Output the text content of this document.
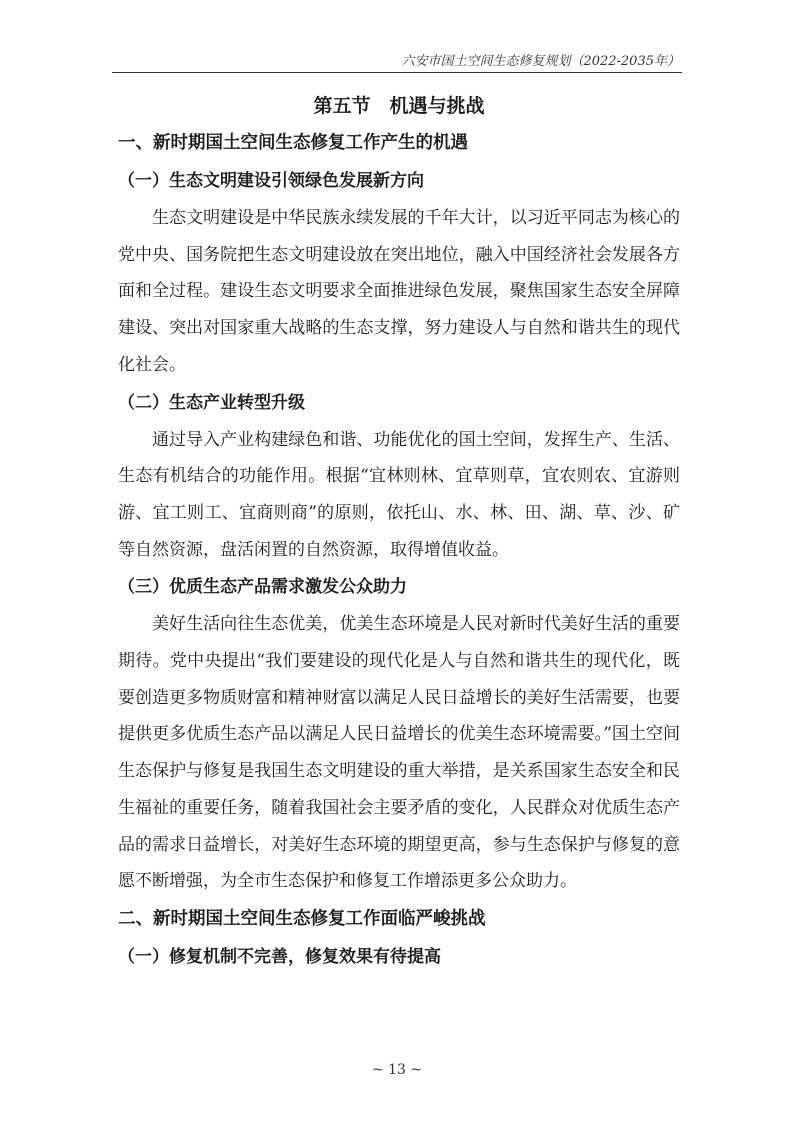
六安市国土空间生态修复规划（2022-2035年）
第五节　机遇与挑战
一、新时期国土空间生态修复工作产生的机遇
（一）生态文明建设引领绿色发展新方向

生态文明建设是中华民族永续发展的千年大计，以习近平同志为核心的党中央、国务院把生态文明建设放在突出地位，融入中国经济社会发展各方面和全过程。建设生态文明要求全面推进绿色发展，聚焦国家生态安全屏障建设、突出对国家重大战略的生态支撑，努力建设人与自然和谐共生的现代化社会。

（二）生态产业转型升级

通过导入产业构建绿色和谐、功能优化的国土空间，发挥生产、生活、生态有机结合的功能作用。根据“宜林则林、宜草则草，宜农则农、宜游则游、宜工则工、宜商则商”的原则，依托山、水、林、田、湖、草、沙、矿等自然资源，盘活闲置的自然资源，取得增值收益。

（三）优质生态产品需求激发公众助力

美好生活向往生态优美，优美生态环境是人民对新时代美好生活的重要期待。党中央提出“我们要建设的现代化是人与自然和谐共生的现代化，既要创造更多物质财富和精神财富以满足人民日益增长的美好生活需要，也要提供更多优质生态产品以满足人民日益增长的优美生态环境需要。”国土空间生态保护与修复是我国生态文明建设的重大举措，是关系国家生态安全和民生福祉的重要任务，随着我国社会主要矛盾的变化，人民群众对优质生态产品的需求日益增长，对美好生态环境的期望更高，参与生态保护与修复的意愿不断增强，为全市生态保护和修复工作增添更多公众助力。

二、新时期国土空间生态修复工作面临严峻挑战
（一）修复机制不完善，修复效果有待提高
~ 13 ~
